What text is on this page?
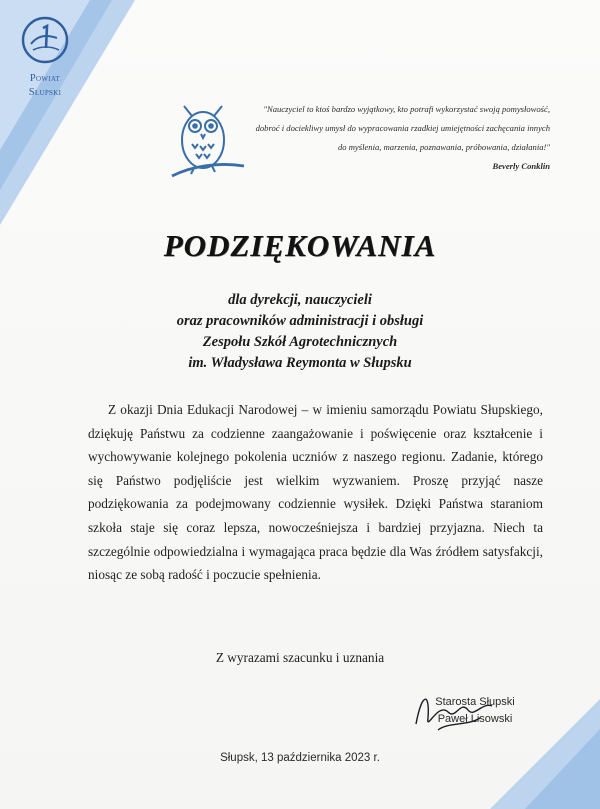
Powiat
Słupski
"Nauczyciel to ktoś bardzo wyjątkowy, kto potrafi wykorzystać swoją pomysłowość, dobroć i dociekliwy umysł do wypracowania rzadkiej umiejętności zachęcania innych do myślenia, marzenia, poznawania, próbowania, działania!"
Beverly Conklin
PODZIĘKOWANIA
dla dyrekcji, nauczycieli
oraz pracowników administracji i obsługi
Zespołu Szkół Agrotechnicznych
im. Władysława Reymonta w Słupsku
Z okazji Dnia Edukacji Narodowej – w imieniu samorządu Powiatu Słupskiego, dziękuję Państwu za codzienne zaangażowanie i poświęcenie oraz kształcenie i wychowywanie kolejnego pokolenia uczniów z naszego regionu. Zadanie, którego się Państwo podjęliście jest wielkim wyzwaniem. Proszę przyjąć nasze podziękowania za podejmowany codziennie wysiłek. Dzięki Państwa staraniom szkoła staje się coraz lepsza, nowocześniejsza i bardziej przyjazna. Niech ta szczególnie odpowiedzialna i wymagająca praca będzie dla Was źródłem satysfakcji, niosąc ze sobą radość i poczucie spełnienia.
Z wyrazami szacunku i uznania
Starosta Słupski
Paweł Lisowski
Słupsk, 13 października 2023 r.
